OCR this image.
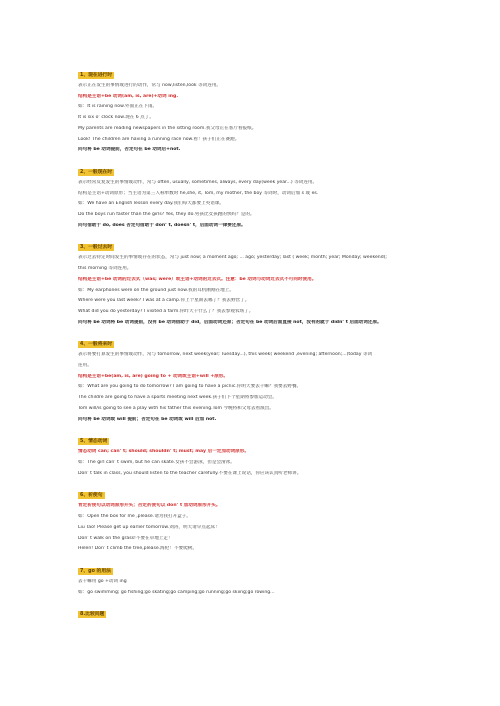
1、现在进行时
表示正在发生的事情或进行的动作，常与 now,listen,look 等词连用。
结构是主语+be 动词(am, is, are)+动词 ing.
如：It is raining now.外面正在下雨。
It is six o’ clock now.现在 6 点了。
My parents are reading newspapers in the sitting room.我父母正在客厅看报纸。
Look! The children are having a running race now.看！孩子们正在赛跑。
问句将 be 动词提前，否定句在 be 动词后+not.
2、一般现在时
表示经常反复发生的事情或动作，常与 often, usually, sometimes, always, every day(week year...) 等词连用。
结构是主语+动词原形；当主语为第三人称单数时 he,she, it, Tom, my mother, the boy 等词时，动词后加 s 或 es.
如：We have an English lesson every day.我们每天都要上英语课。
Do the boys run faster than the girls? Yes, they do.男孩比女孩跑的快吗？是的。
问句借助于 do, does 否定句借助于 don’ t, doesn’ t，后面动词一律要还原。
3、一般过去时
表示过去特定时间发生的事情或存在的状态，常与 just now; a moment ago; ... ago; yesterday; last ( week; month; year; Monday; weekend);
this morning 等词连用。
结构是主语+be 动词的过去式（was; were）或主语+动词的过去式。注意：be 动词与动词过去式不可同时使用。
如：My earphones were on the ground just now.我的耳机刚刚在地上。
Where were you last week? I was at a camp.你上个星期去哪了？我去野营了。
What did you do yesterday? I visited a farm.你昨天干什么了？我去参观农场了。
问句将 be 动词将 be 动词提前，没有 be 动词借助于 did，后面动词还原；否定句在 be 动词后面直接 not，没有的就于 didn’ t 后面动词还原。
4、一般将来时
表示将要打算发生的事情或动作，常与 tomorrow, next week(year; Tuesday...), this week( weekend ,evening; afternoon;...)today 等词
连用。
结构是主语+be(am, is, are) going to + 动词或主语+will +原形。
如：What are you going to do tomorrow? I am going to have a picnic.你明天要去干嘛？我要去野餐。
The childre are going to have a sports meeting next week.孩子们下个星期将参加运动会。
Tom will/is going to see a play with his father this evening.Tom 今晚将和父母去看演出。
问句将 be 动词或 will 提前；否定句在 be 动词或 will 后加 not.
5、情态动词
情态动词 can; can’ t; should; shouldn’ t; must; may 后一定加动词原形。
如：The girl can’ t swim, but he can skate.女孩不会游泳，但是会滑冰。
Don’ t talk in class, you should listen to the teacher carefully.不要在课上说话，你应该认真听老师讲。
6、祈使句
肯定祈使句以动词原形开头；否定祈使句以 don’ t 加动词原形开头。
如：Open the box for me ,please.请为我打开盒子。
Liu Tao! Please get up earlier tomorrow.刘涛，明天请早点起床！
Don’ t walk on the grass!不要在草地上走！
Helen! Don’ t climb the tree,please.海伦！不要爬树。
7、go 的用法
去干嘛用 go +动词 ing
如：go swimming; go fishing;go skating;go camping;go running;go skiing;go rowing...
8.比较问题
